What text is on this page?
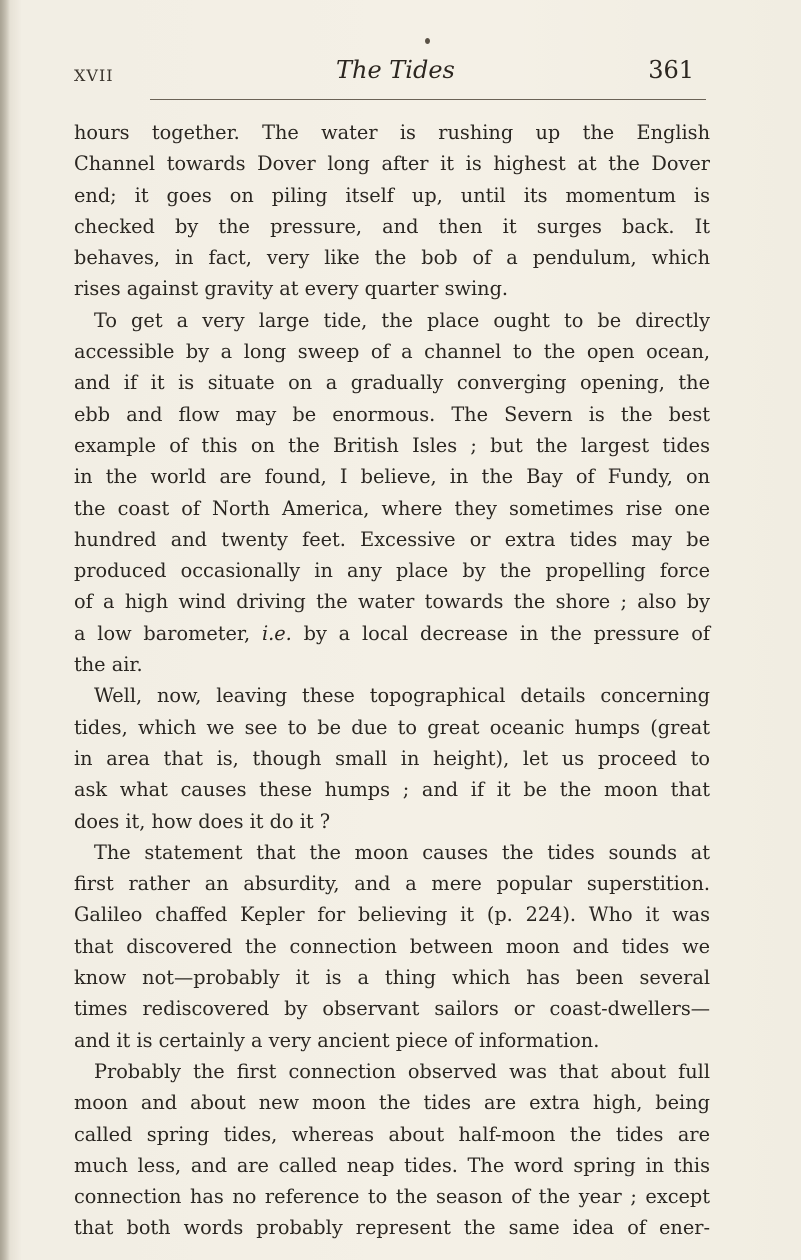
XVII	The Tides	361
hours together. The water is rushing up the English
Channel towards Dover long after it is highest at the Dover
end; it goes on piling itself up, until its momentum is
checked by the pressure, and then it surges back. It
behaves, in fact, very like the bob of a pendulum, which
rises against gravity at every quarter swing.
To get a very large tide, the place ought to be directly
accessible by a long sweep of a channel to the open ocean,
and if it is situate on a gradually converging opening, the
ebb and flow may be enormous. The Severn is the best
example of this on the British Isles ; but the largest tides
in the world are found, I believe, in the Bay of Fundy, on
the coast of North America, where they sometimes rise one
hundred and twenty feet. Excessive or extra tides may be
produced occasionally in any place by the propelling force
of a high wind driving the water towards the shore ; also by
a low barometer, i.e. by a local decrease in the pressure of
the air.
Well, now, leaving these topographical details concerning
tides, which we see to be due to great oceanic humps (great
in area that is, though small in height), let us proceed to
ask what causes these humps ; and if it be the moon that
does it, how does it do it ?
The statement that the moon causes the tides sounds at
first rather an absurdity, and a mere popular superstition.
Galileo chaffed Kepler for believing it (p. 224). Who it was
that discovered the connection between moon and tides we
know not—probably it is a thing which has been several
times rediscovered by observant sailors or coast-dwellers—
and it is certainly a very ancient piece of information.
Probably the first connection observed was that about full
moon and about new moon the tides are extra high, being
called spring tides, whereas about half-moon the tides are
much less, and are called neap tides. The word spring in this
connection has no reference to the season of the year ; except
that both words probably represent the same idea of ener-
